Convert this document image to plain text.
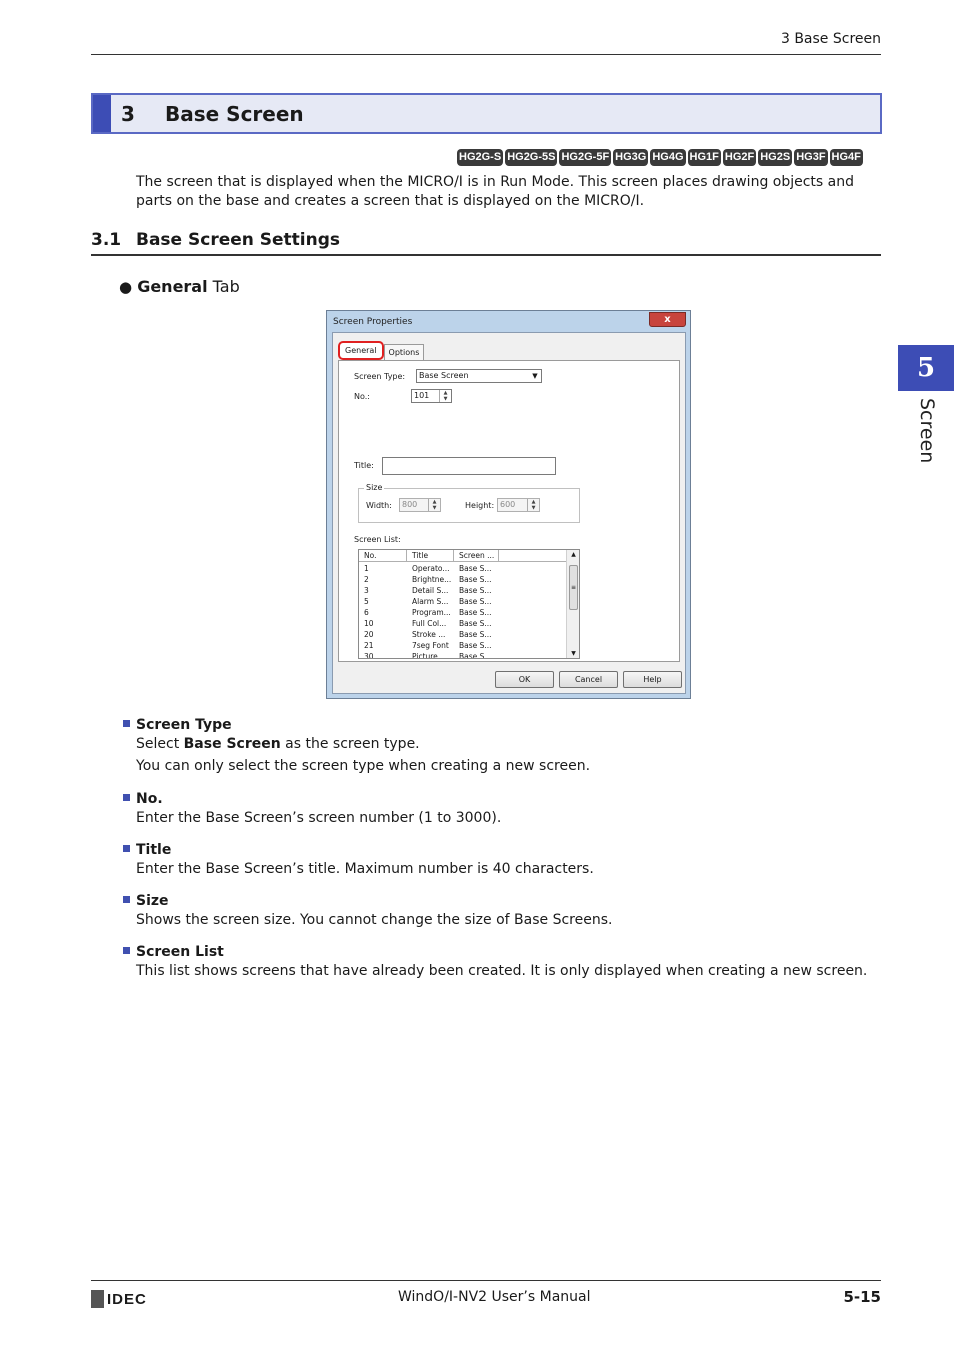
3 Base Screen
3 Base Screen
HG2G-S HG2G-5S HG2G-5F HG3G HG4G HG1F HG2F HG2S HG3F HG4F
The screen that is displayed when the MICRO/I is in Run Mode. This screen places drawing objects and parts on the base and creates a screen that is displayed on the MICRO/I.
3.1 Base Screen Settings
● General Tab
Screen Properties	x
General	Options
Screen Type:	Base Screen	▼
No.:	101	▲
▼
Title:
Size
Width:	800	▲
▼	Height: 600	▲
▼
Screen List:
No.	Title	Screen ...
1	Operato...	Base S...
2	Brightne...	Base S...
3	Detail S...	Base S...
5	Alarm S...	Base S...
6	Program...	Base S...
10	Full Col...	Base S...
20	Stroke ...	Base S...
21	7seg Font	Base S...
30	Picture	Base S...
▲
≡
▼
OK	Cancel	Help
Screen Type
Select Base Screen as the screen type.
You can only select the screen type when creating a new screen.
No.
Enter the Base Screen’s screen number (1 to 3000).
Title
Enter the Base Screen’s title. Maximum number is 40 characters.
Size
Shows the screen size. You cannot change the size of Base Screens.
Screen List
This list shows screens that have already been created. It is only displayed when creating a new screen.
5
Screen
IDEC	WindO/I-NV2 User’s Manual	5-15
